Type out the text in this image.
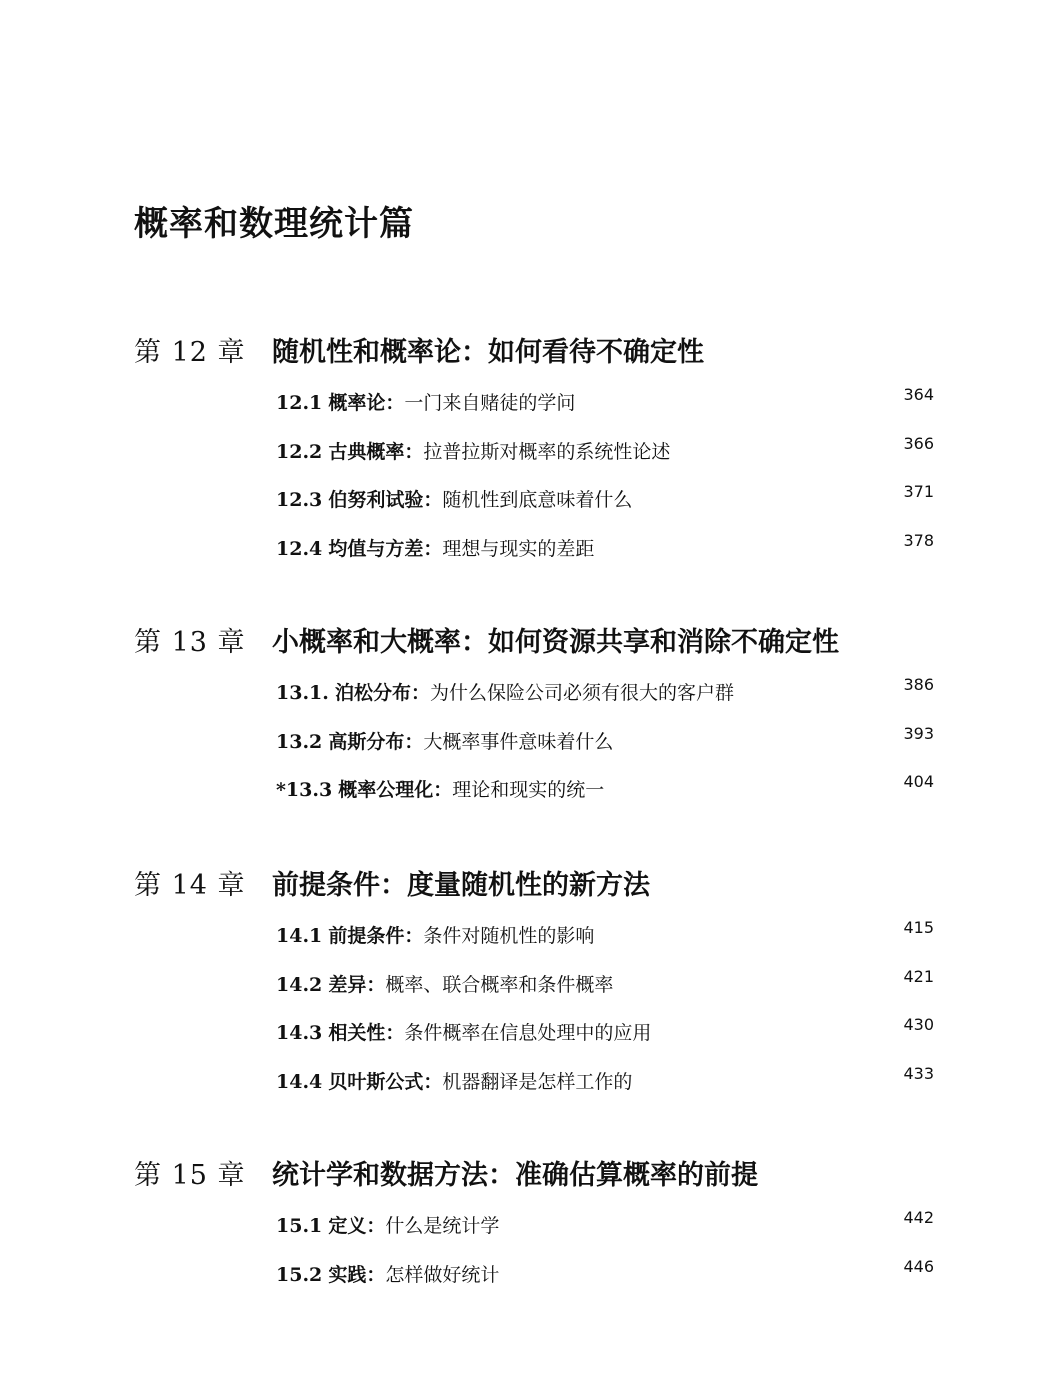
概率和数理统计篇
第 12 章 随机性和概率论：如何看待不确定性
12.1 概率论：一门来自赌徒的学问	364
12.2 古典概率：拉普拉斯对概率的系统性论述	366
12.3 伯努利试验：随机性到底意味着什么	371
12.4 均值与方差：理想与现实的差距	378
第 13 章 小概率和大概率：如何资源共享和消除不确定性
13.1. 泊松分布：为什么保险公司必须有很大的客户群	386
13.2 高斯分布：大概率事件意味着什么	393
*13.3 概率公理化：理论和现实的统一	404
第 14 章 前提条件：度量随机性的新方法
14.1 前提条件：条件对随机性的影响	415
14.2 差异：概率、联合概率和条件概率	421
14.3 相关性：条件概率在信息处理中的应用	430
14.4 贝叶斯公式：机器翻译是怎样工作的	433
第 15 章 统计学和数据方法：准确估算概率的前提
15.1 定义：什么是统计学	442
15.2 实践：怎样做好统计	446
